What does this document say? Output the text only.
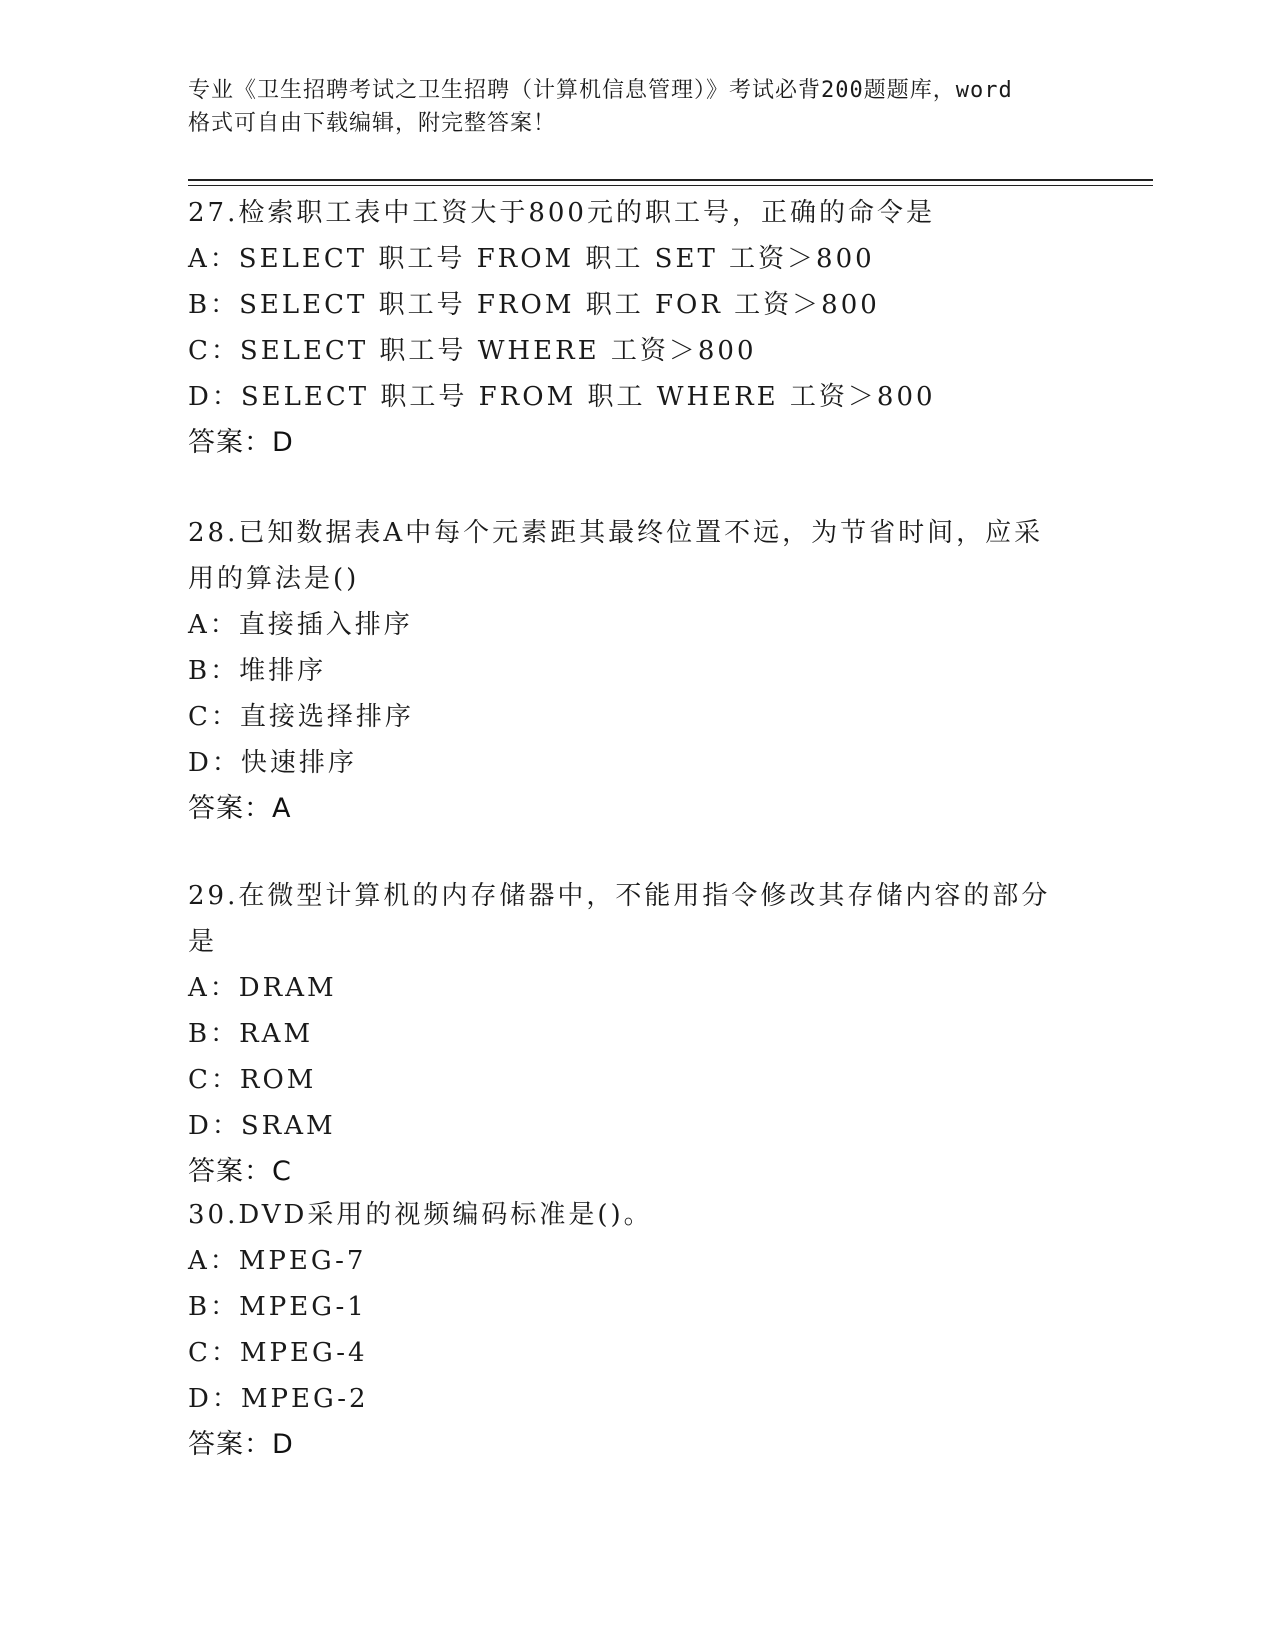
专业《卫生招聘考试之卫生招聘（计算机信息管理）》考试必背200题题库，word
格式可自由下载编辑，附完整答案！
27.检索职工表中工资大于800元的职工号，正确的命令是
A：SELECT 职工号 FROM 职工 SET 工资＞800
B：SELECT 职工号 FROM 职工 FOR 工资＞800
C：SELECT 职工号 WHERE 工资＞800
D：SELECT 职工号 FROM 职工 WHERE 工资＞800
答案：D
28.已知数据表A中每个元素距其最终位置不远，为节省时间，应采用的算法是()
A：直接插入排序
B：堆排序
C：直接选择排序
D：快速排序
答案：A
29.在微型计算机的内存储器中，不能用指令修改其存储内容的部分是
A：DRAM
B：RAM
C：ROM
D：SRAM
答案：C
30.DVD采用的视频编码标准是()。
A：MPEG-7
B：MPEG-1
C：MPEG-4
D：MPEG-2
答案：D
